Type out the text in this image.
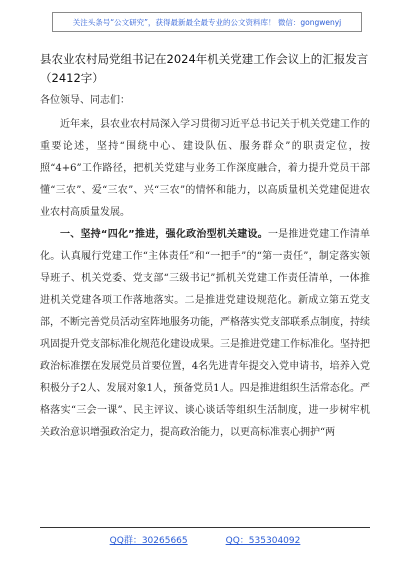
关注头条号“公文研究”，获得最新最全最专业的公文资料库！ 微信：gongwenyj
县农业农村局党组书记在2024年机关党建工作会议上的汇报发言（2412字）
各位领导、同志们：

近年来，县农业农村局深入学习贯彻习近平总书记关于机关党建工作的重要论述，坚持“围绕中心、建设队伍、服务群众”的职责定位，按照“4+6”工作路径，把机关党建与业务工作深度融合，着力提升党员干部懂“三农”、爱“三农”、兴“三农”的情怀和能力，以高质量机关党建促进农业农村高质量发展。

一、坚持“四化”推进，强化政治型机关建设。一是推进党建工作清单化。认真履行党建工作“主体责任”和“一把手”的“第一责任”，制定落实领导班子、机关党委、党支部“三级书记”抓机关党建工作责任清单，一体推进机关党建各项工作落地落实。二是推进党建设规范化。新成立第五党支部，不断完善党员活动室阵地服务功能，严格落实党支部联系点制度，持续巩固提升党支部标准化规范化建设成果。三是推进党建工作标准化。坚持把政治标准摆在发展党员首要位置，4名先进青年提交入党申请书，培养入党积极分子2人、发展对象1人，预备党员1人。四是推进组织生活常态化。严格落实“三会一课”、民主评议、谈心谈话等组织生活制度，进一步树牢机关政治意识增强政治定力，提高政治能力，以更高标准衷心拥护“两

QQ群：30265665	QQ：535304092
